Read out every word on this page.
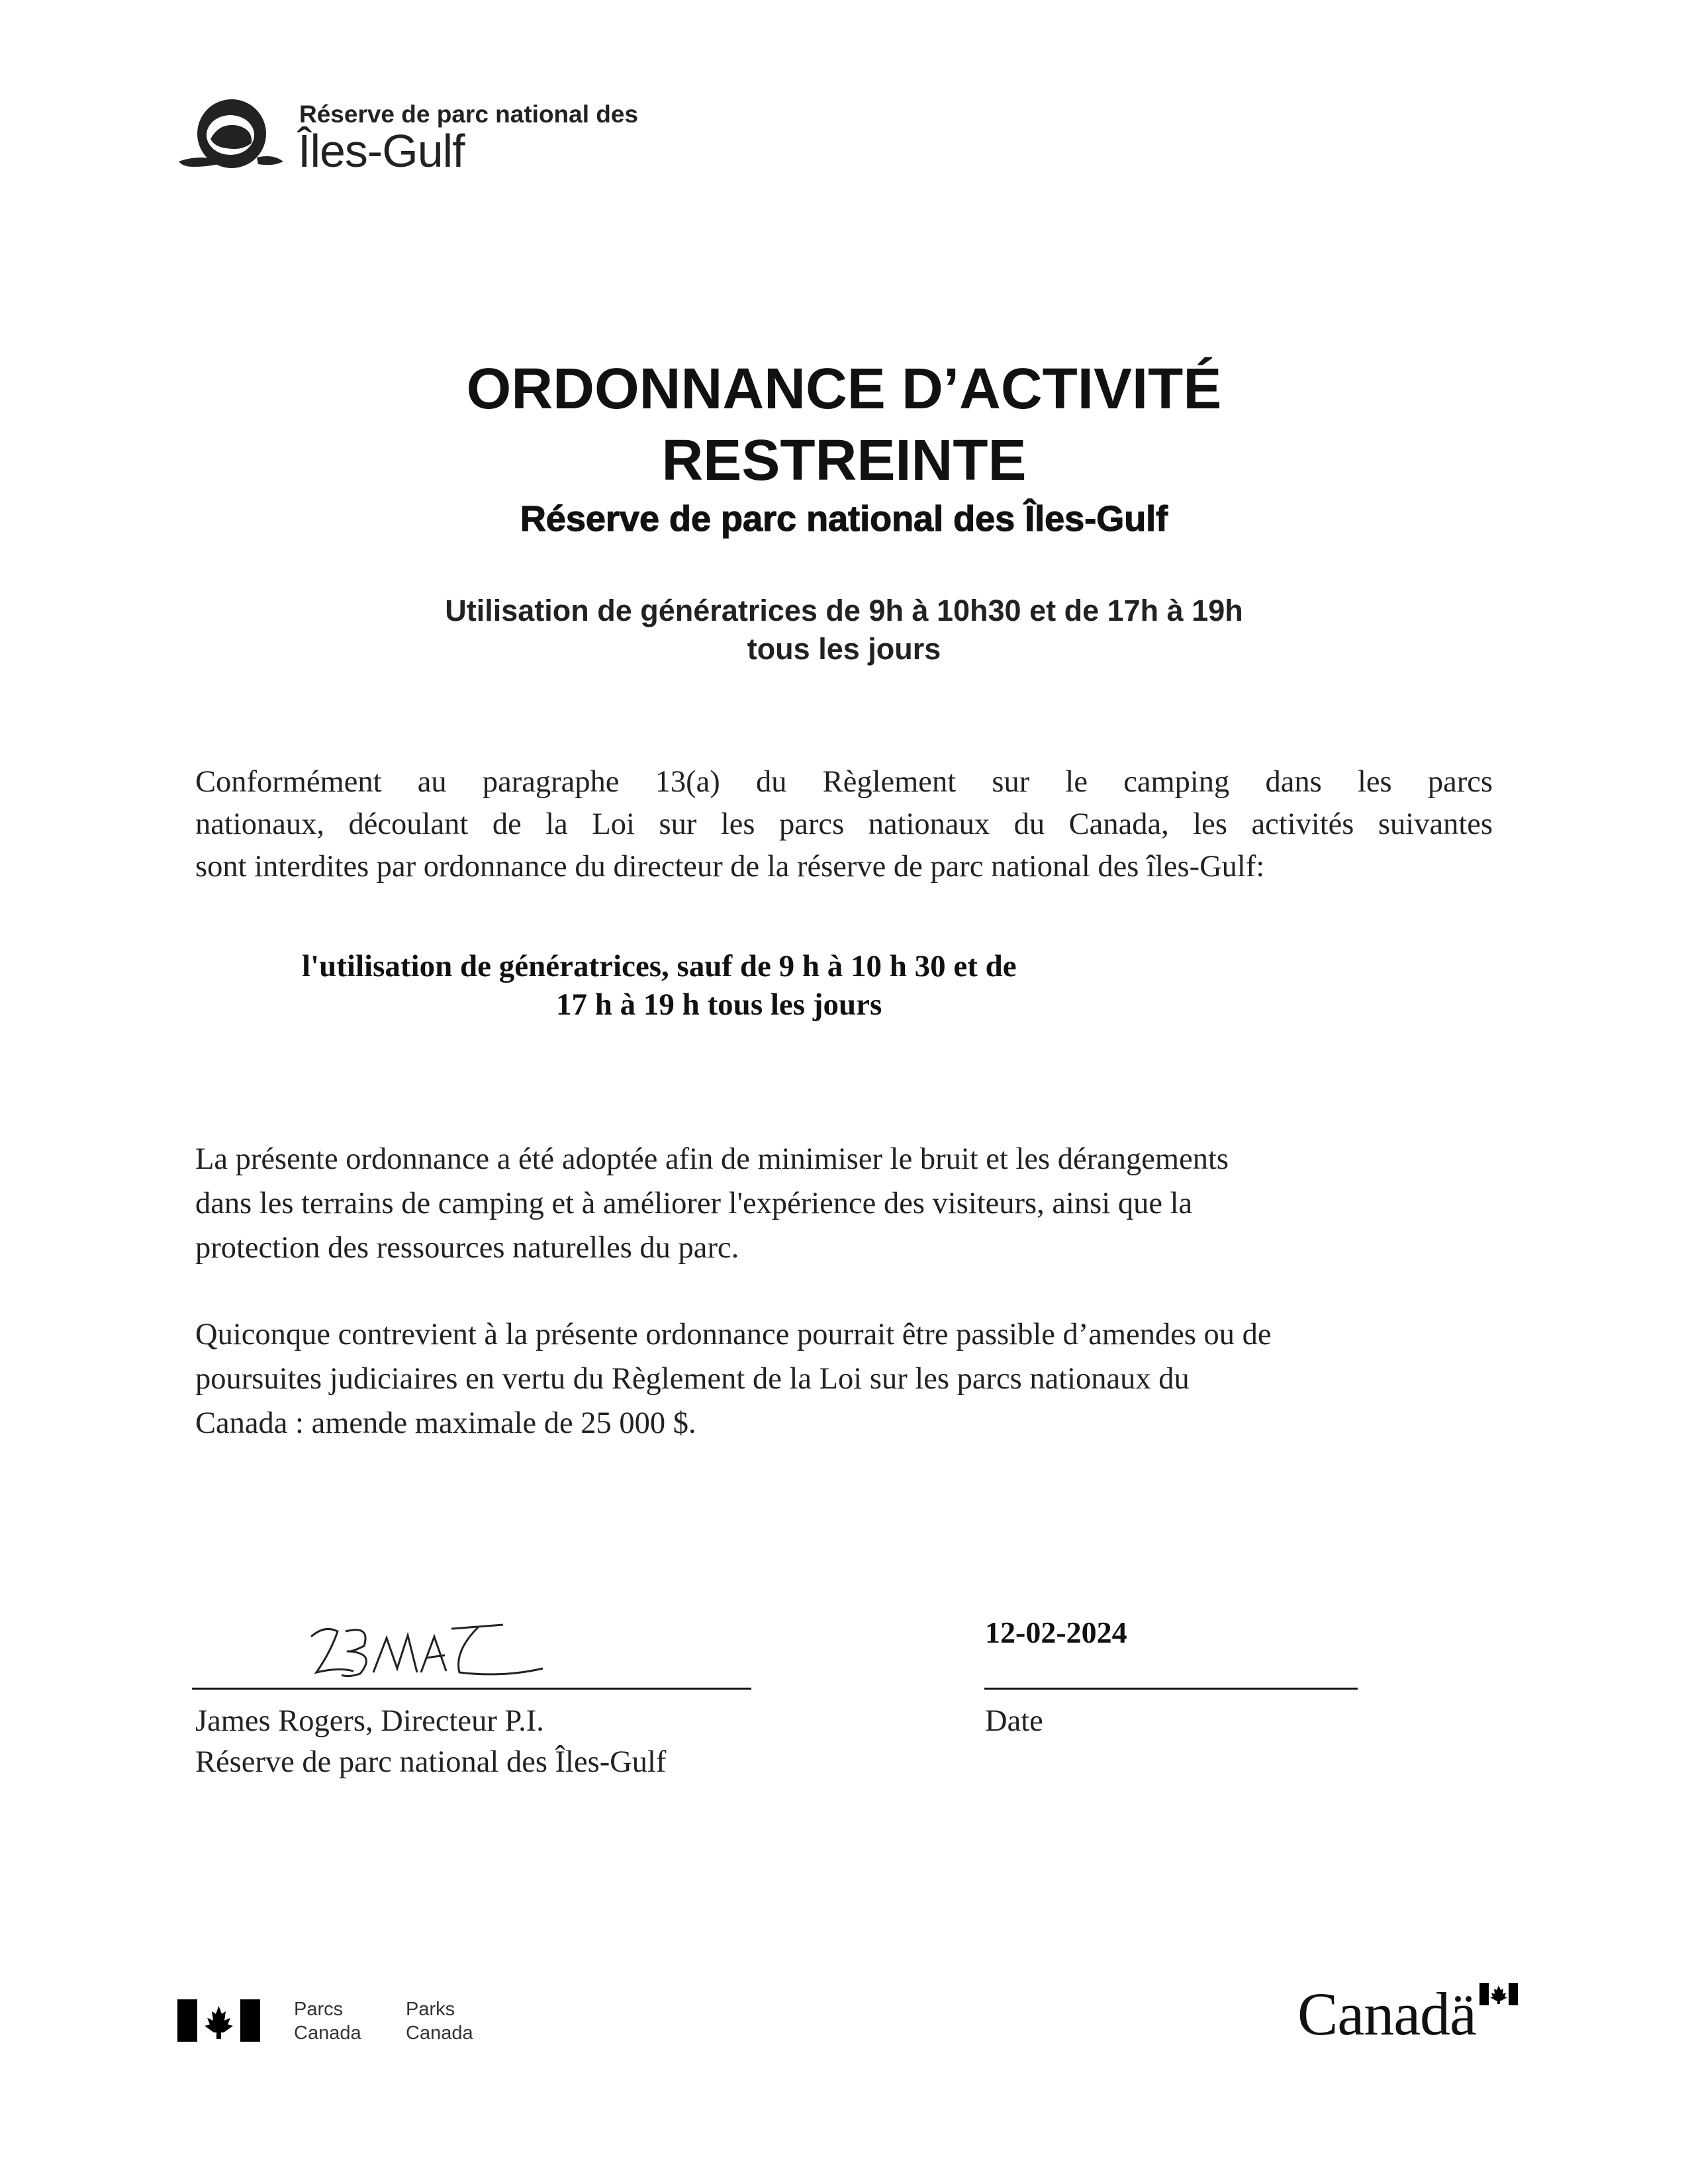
Réserve de parc national des
Îles-Gulf
ORDONNANCE D’ACTIVITÉ
RESTREINTE
Réserve de parc national des Îles-Gulf
Utilisation de génératrices de 9h à 10h30 et de 17h à 19h
tous les jours
Conformément au paragraphe 13(a) du Règlement sur le camping dans les parcs
nationaux, découlant de la Loi sur les parcs nationaux du Canada, les activités suivantes
sont interdites par ordonnance du directeur de la réserve de parc national des îles-Gulf:
l'utilisation de génératrices, sauf de 9 h à 10 h 30 et de
17 h à 19 h tous les jours
La présente ordonnance a été adoptée afin de minimiser le bruit et les dérangements
dans les terrains de camping et à améliorer l'expérience des visiteurs, ainsi que la
protection des ressources naturelles du parc.
Quiconque contrevient à la présente ordonnance pourrait être passible d’amendes ou de
poursuites judiciaires en vertu du Règlement de la Loi sur les parcs nationaux du
Canada : amende maximale de 25 000 $.
James Rogers, Directeur P.I.
Réserve de parc national des Îles-Gulf
12-02-2024
Date
Parcs
Canada
Parks
Canada	Canadä
